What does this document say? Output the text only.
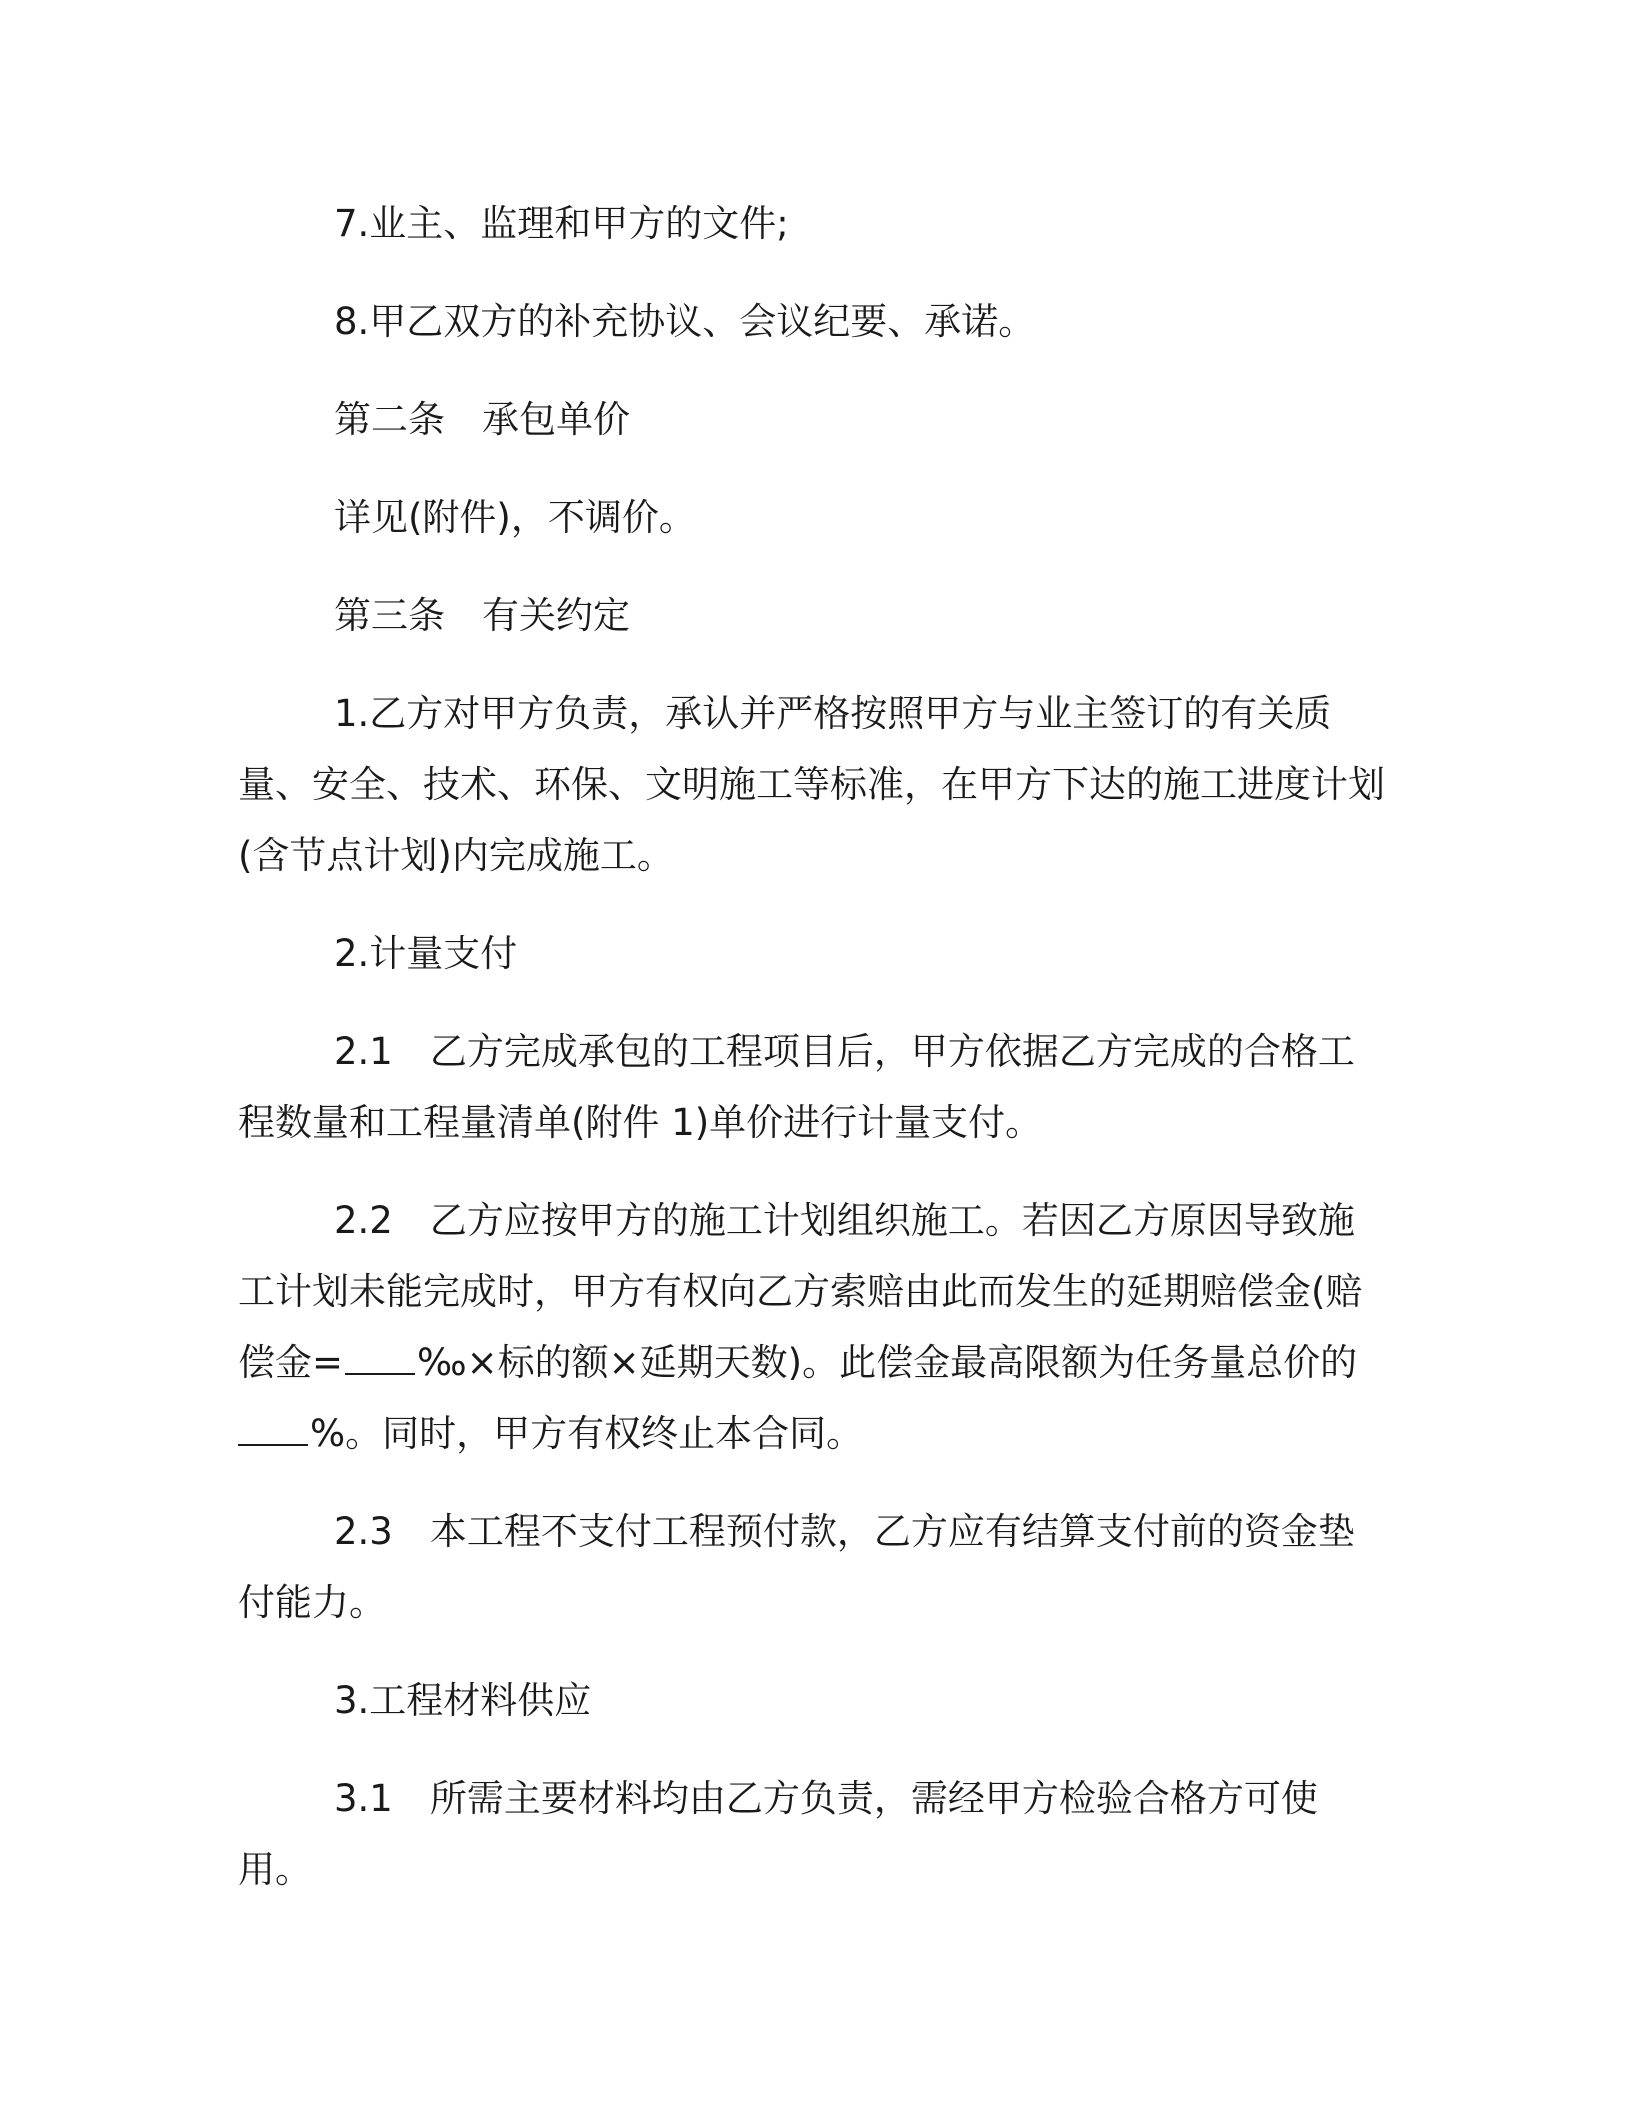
7.业主、监理和甲方的文件;

8.甲乙双方的补充协议、会议纪要、承诺。

第二条　承包单价

详见(附件)，不调价。

第三条　有关约定

1.乙方对甲方负责，承认并严格按照甲方与业主签订的有关质量、安全、技术、环保、文明施工等标准，在甲方下达的施工进度计划(含节点计划)内完成施工。

2.计量支付

2.1　乙方完成承包的工程项目后，甲方依据乙方完成的合格工程数量和工程量清单(附件 1)单价进行计量支付。

2.2　乙方应按甲方的施工计划组织施工。若因乙方原因导致施工计划未能完成时，甲方有权向乙方索赔由此而发生的延期赔偿金(赔偿金= ‰×标的额×延期天数)。此偿金最高限额为任务量总价的%。同时，甲方有权终止本合同。

2.3　本工程不支付工程预付款，乙方应有结算支付前的资金垫付能力。

3.工程材料供应

3.1　所需主要材料均由乙方负责，需经甲方检验合格方可使用。
